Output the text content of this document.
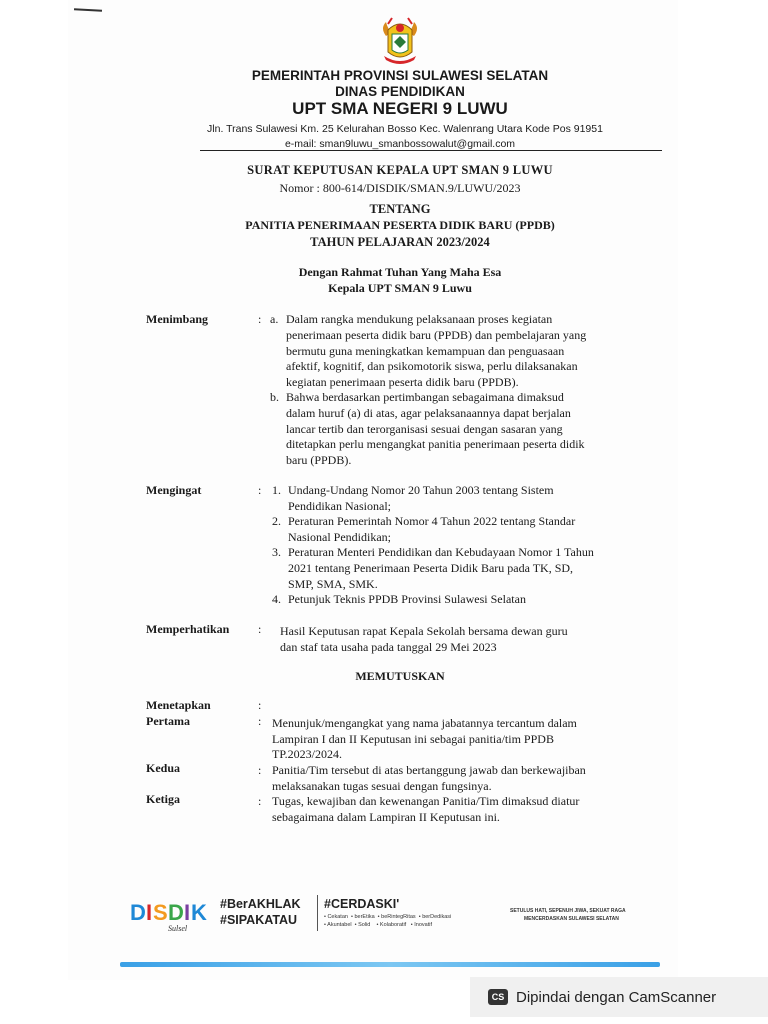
PEMERINTAH PROVINSI SULAWESI SELATAN
DINAS PENDIDIKAN
UPT SMA NEGERI 9 LUWU
Jln. Trans Sulawesi Km. 25 Kelurahan Bosso Kec. Walenrang Utara Kode Pos 91951
e-mail: sman9luwu_smanbossowalut@gmail.com
SURAT KEPUTUSAN KEPALA UPT SMAN 9 LUWU
Nomor : 800-614/DISDIK/SMAN.9/LUWU/2023
TENTANG
PANITIA PENERIMAAN PESERTA DIDIK BARU (PPDB)
TAHUN PELAJARAN 2023/2024
Dengan Rahmat Tuhan Yang Maha Esa
Kepala UPT SMAN 9 Luwu
Menimbang	: a. Dalam rangka mendukung pelaksanaan proses kegiatan

penerimaan peserta didik baru (PPDB) dan pembelajaran yang

bermutu guna meningkatkan kemampuan dan penguasaan

afektif, kognitif, dan psikomotorik siswa, perlu dilaksanakan

kegiatan penerimaan peserta didik baru (PPDB).

b. Bahwa berdasarkan pertimbangan sebagaimana dimaksud

dalam huruf (a) di atas, agar pelaksanaannya dapat berjalan

lancar tertib dan terorganisasi sesuai dengan sasaran yang

ditetapkan perlu mengangkat panitia penerimaan peserta didik

baru (PPDB).

Mengingat	: 1. Undang-Undang Nomor 20 Tahun 2003 tentang Sistem

Pendidikan Nasional;

2. Peraturan Pemerintah Nomor 4 Tahun 2022 tentang Standar

Nasional Pendidikan;

3. Peraturan Menteri Pendidikan dan Kebudayaan Nomor 1 Tahun

2021 tentang Penerimaan Peserta Didik Baru pada TK, SD,

SMP, SMA, SMK.

4. Petunjuk Teknis PPDB Provinsi Sulawesi Selatan

Memperhatikan : Hasil Keputusan rapat Kepala Sekolah bersama dewan guru

dan staf tata usaha pada tanggal 29 Mei 2023

MEMUTUSKAN
Menetapkan	:
Pertama	: Menunjuk/mengangkat yang nama jabatannya tercantum dalam

Lampiran I dan II Keputusan ini sebagai panitia/tim PPDB

TP.2023/2024.

Kedua	: Panitia/Tim tersebut di atas bertanggung jawab dan berkewajiban

melaksanakan tugas sesuai dengan fungsinya.

Ketiga	: Tugas, kewajiban dan kewenangan Panitia/Tim dimaksud diatur

sebagaimana dalam Lampiran II Keputusan ini.

D I S D I K
Sulsel
#BerAKHLAK
#SIPAKATAU
#CERDASKI'
• Cekatan  • berEtika  • beRintegRitas  • berDedikasi
• Akuntabel  • Solid    • Kolaboratif   • Inovatif
SETULUS HATI, SEPENUH JIWA, SEKUAT RAGA
MENCERDASKAN SULAWESI SELATAN
CS Dipindai dengan CamScanner
